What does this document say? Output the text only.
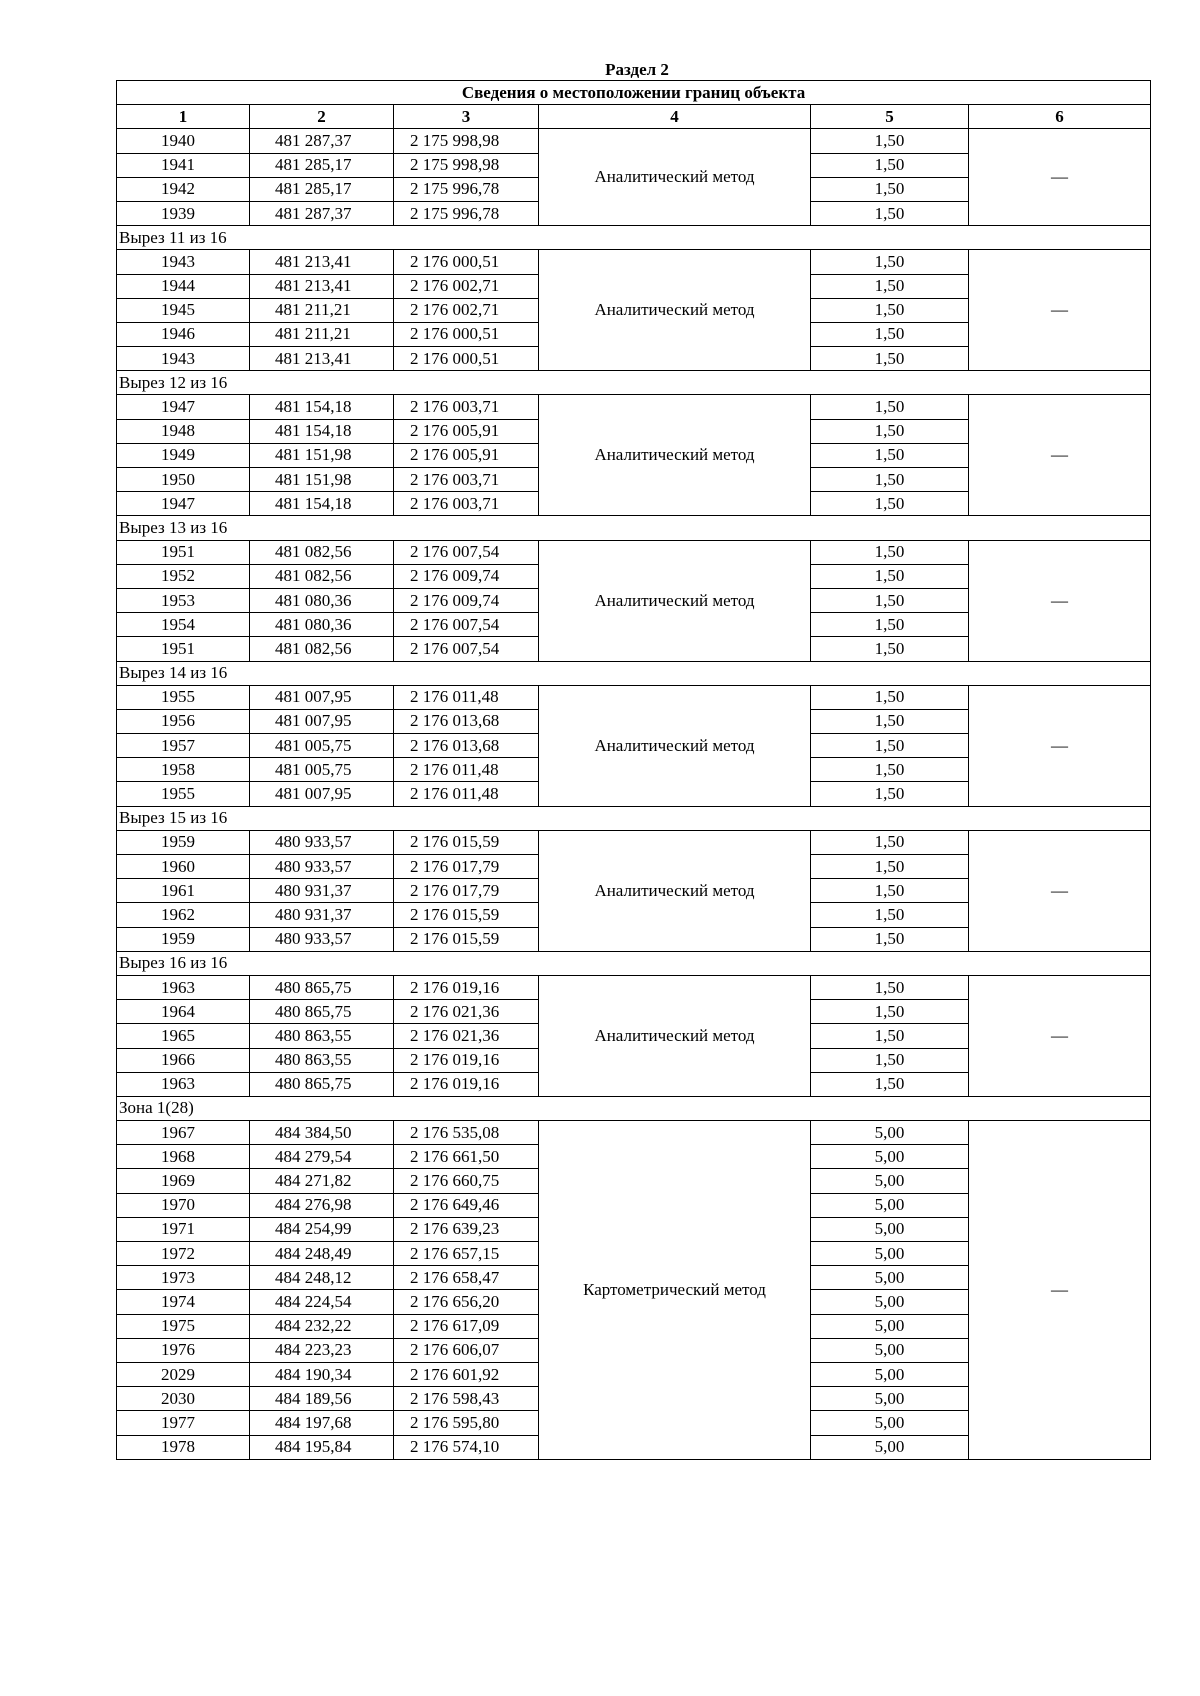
Раздел 2
Сведения о местоположении границ объекта					
1	2	3	4	5	6
1940	481 287,37	2 175 998,98	Аналитический метод	1,50	—
1941	481 285,17	2 175 998,98		1,50	
1942	481 285,17	2 175 996,78		1,50	
1939	481 287,37	2 175 996,78		1,50	
Вырез 11 из 16					
1943	481 213,41	2 176 000,51	Аналитический метод	1,50	—
1944	481 213,41	2 176 002,71		1,50	
1945	481 211,21	2 176 002,71		1,50	
1946	481 211,21	2 176 000,51		1,50	
1943	481 213,41	2 176 000,51		1,50	
Вырез 12 из 16					
1947	481 154,18	2 176 003,71	Аналитический метод	1,50	—
1948	481 154,18	2 176 005,91		1,50	
1949	481 151,98	2 176 005,91		1,50	
1950	481 151,98	2 176 003,71		1,50	
1947	481 154,18	2 176 003,71		1,50	
Вырез 13 из 16					
1951	481 082,56	2 176 007,54	Аналитический метод	1,50	—
1952	481 082,56	2 176 009,74		1,50	
1953	481 080,36	2 176 009,74		1,50	
1954	481 080,36	2 176 007,54		1,50	
1951	481 082,56	2 176 007,54		1,50	
Вырез 14 из 16					
1955	481 007,95	2 176 011,48	Аналитический метод	1,50	—
1956	481 007,95	2 176 013,68		1,50	
1957	481 005,75	2 176 013,68		1,50	
1958	481 005,75	2 176 011,48		1,50	
1955	481 007,95	2 176 011,48		1,50	
Вырез 15 из 16					
1959	480 933,57	2 176 015,59	Аналитический метод	1,50	—
1960	480 933,57	2 176 017,79		1,50	
1961	480 931,37	2 176 017,79		1,50	
1962	480 931,37	2 176 015,59		1,50	
1959	480 933,57	2 176 015,59		1,50	
Вырез 16 из 16					
1963	480 865,75	2 176 019,16	Аналитический метод	1,50	—
1964	480 865,75	2 176 021,36		1,50	
1965	480 863,55	2 176 021,36		1,50	
1966	480 863,55	2 176 019,16		1,50	
1963	480 865,75	2 176 019,16		1,50	
Зона 1(28)					
1967	484 384,50	2 176 535,08	Картометрический метод	5,00	—
1968	484 279,54	2 176 661,50		5,00	
1969	484 271,82	2 176 660,75		5,00	
1970	484 276,98	2 176 649,46		5,00	
1971	484 254,99	2 176 639,23		5,00	
1972	484 248,49	2 176 657,15		5,00	
1973	484 248,12	2 176 658,47		5,00	
1974	484 224,54	2 176 656,20		5,00	
1975	484 232,22	2 176 617,09		5,00	
1976	484 223,23	2 176 606,07		5,00	
2029	484 190,34	2 176 601,92		5,00	
2030	484 189,56	2 176 598,43		5,00	
1977	484 197,68	2 176 595,80		5,00	
1978	484 195,84	2 176 574,10		5,00	
